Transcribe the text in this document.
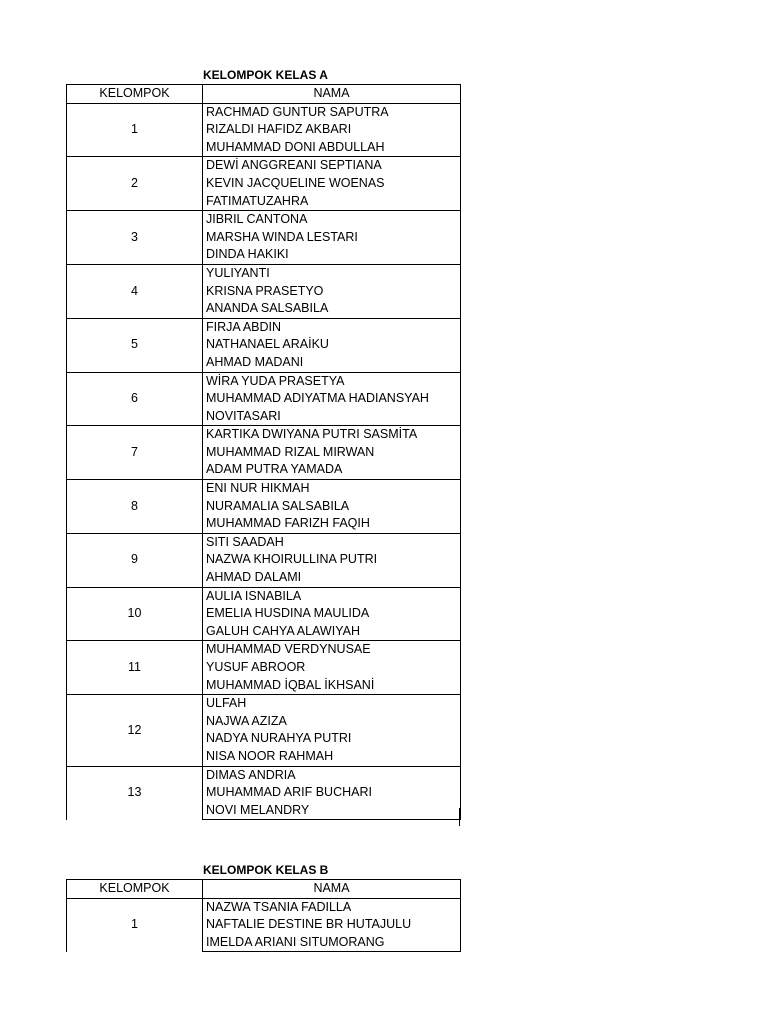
KELOMPOK KELAS A
KELOMPOK	NAMA
1	RACHMAD GUNTUR SAPUTRA
	RIZALDI HAFIDZ AKBARI
	MUHAMMAD DONI ABDULLAH
2	DEWİ ANGGREANI SEPTIANA
	KEVIN JACQUELINE WOENAS
	FATIMATUZAHRA
3	JIBRIL CANTONA
	MARSHA WINDA LESTARI
	DINDA HAKIKI
4	YULIYANTI
	KRISNA PRASETYO
	ANANDA SALSABILA
5	FIRJA ABDIN
	NATHANAEL ARAİKU
	AHMAD MADANI
6	WİRA YUDA PRASETYA
	MUHAMMAD ADIYATMA HADIANSYAH
	NOVITASARI
7	KARTIKA DWIYANA PUTRI SASMİTA
	MUHAMMAD RIZAL MIRWAN
	ADAM PUTRA YAMADA
8	ENI NUR HIKMAH
	NURAMALIA SALSABILA
	MUHAMMAD FARIZH FAQIH
9	SITI SAADAH
	NAZWA KHOIRULLINA PUTRI
	AHMAD DALAMI
10	AULIA ISNABILA
	EMELIA HUSDINA MAULIDA
	GALUH CAHYA ALAWIYAH
11	MUHAMMAD VERDYNUSAE
	YUSUF ABROOR
	MUHAMMAD İQBAL İKHSANİ
12	ULFAH
	NAJWA AZIZA
	NADYA NURAHYA PUTRI
	NISA NOOR RAHMAH
13	DIMAS ANDRIA
	MUHAMMAD ARIF BUCHARI
	NOVI MELANDRY
KELOMPOK KELAS B
KELOMPOK	NAMA
1	NAZWA TSANIA FADILLA
	NAFTALIE DESTINE BR HUTAJULU
	IMELDA ARIANI SITUMORANG
